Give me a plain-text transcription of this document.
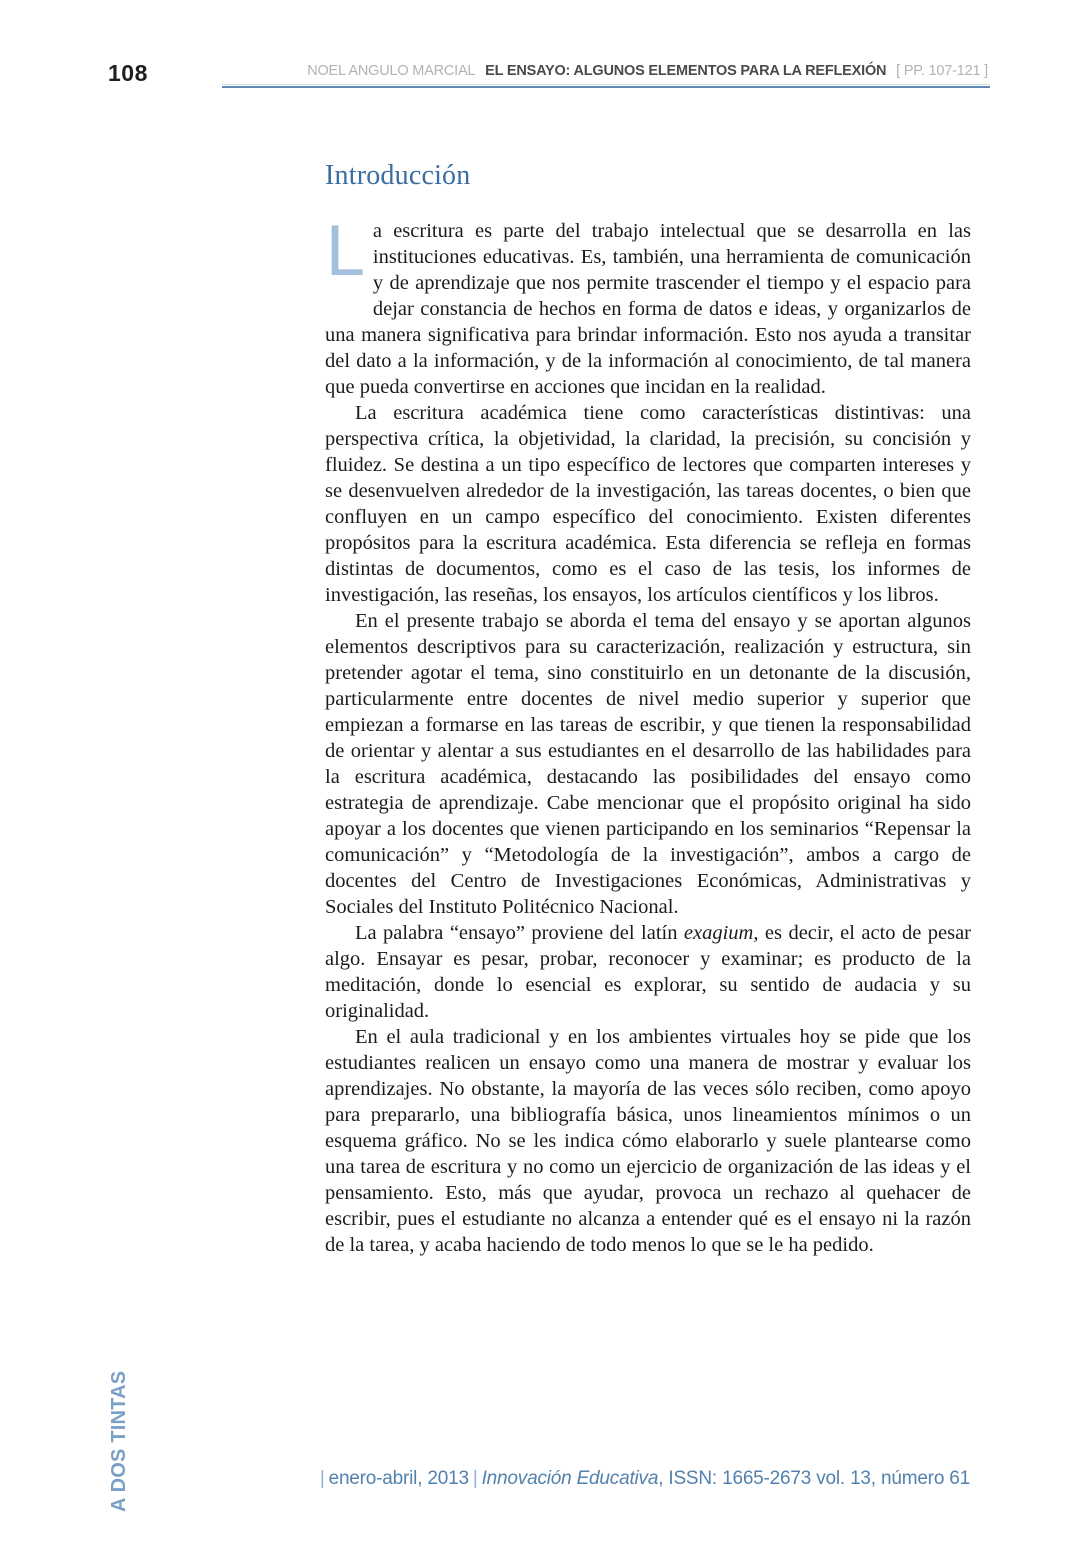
108	NOEL ANGULO MARCIAL EL ENSAYO: ALGUNOS ELEMENTOS PARA LA REFLEXIÓN [ PP. 107-121 ]
Introducción

La escritura es parte del trabajo intelectual que se desarrolla en las instituciones educativas. Es, también, una herramienta de comunicación y de aprendizaje que nos permite trascender el tiempo y el espacio para dejar constancia de hechos en forma de datos e ideas, y organizarlos de una manera significativa para brindar información. Esto nos ayuda a transitar del dato a la información, y de la información al conocimiento, de tal manera que pueda convertirse en acciones que incidan en la realidad.

La escritura académica tiene como características distintivas: una perspectiva crítica, la objetividad, la claridad, la precisión, su concisión y fluidez. Se destina a un tipo específico de lectores que comparten intereses y se desenvuelven alrededor de la investigación, las tareas docentes, o bien que confluyen en un campo específico del conocimiento. Existen diferentes propósitos para la escritura académica. Esta diferencia se refleja en formas distintas de documentos, como es el caso de las tesis, los informes de investigación, las reseñas, los ensayos, los artículos científicos y los libros.

En el presente trabajo se aborda el tema del ensayo y se aportan algunos elementos descriptivos para su caracterización, realización y estructura, sin pretender agotar el tema, sino constituirlo en un detonante de la discusión, particularmente entre docentes de nivel medio superior y superior que empiezan a formarse en las tareas de escribir, y que tienen la responsabilidad de orientar y alentar a sus estudiantes en el desarrollo de las habilidades para la escritura académica, destacando las posibilidades del ensayo como estrategia de aprendizaje. Cabe mencionar que el propósito original ha sido apoyar a los docentes que vienen participando en los seminarios “Repensar la comunicación” y “Metodología de la investigación”, ambos a cargo de docentes del Centro de Investigaciones Económicas, Administrativas y Sociales del Instituto Politécnico Nacional.

La palabra “ensayo” proviene del latín exagium, es decir, el acto de pesar algo. Ensayar es pesar, probar, reconocer y examinar; es producto de la meditación, donde lo esencial es explorar, su sentido de audacia y su originalidad.

En el aula tradicional y en los ambientes virtuales hoy se pide que los estudiantes realicen un ensayo como una manera de mostrar y evaluar los aprendizajes. No obstante, la mayoría de las veces sólo reciben, como apoyo para prepararlo, una bibliografía básica, unos lineamientos mínimos o un esquema gráfico. No se les indica cómo elaborarlo y suele plantearse como una tarea de escritura y no como un ejercicio de organización de las ideas y el pensamiento. Esto, más que ayudar, provoca un rechazo al quehacer de escribir, pues el estudiante no alcanza a entender qué es el ensayo ni la razón de la tarea, y acaba haciendo de todo menos lo que se le ha pedido.

A DOS TINTAS	| enero-abril, 2013 | Innovación Educativa, ISSN: 1665-2673 vol. 13, número 61
